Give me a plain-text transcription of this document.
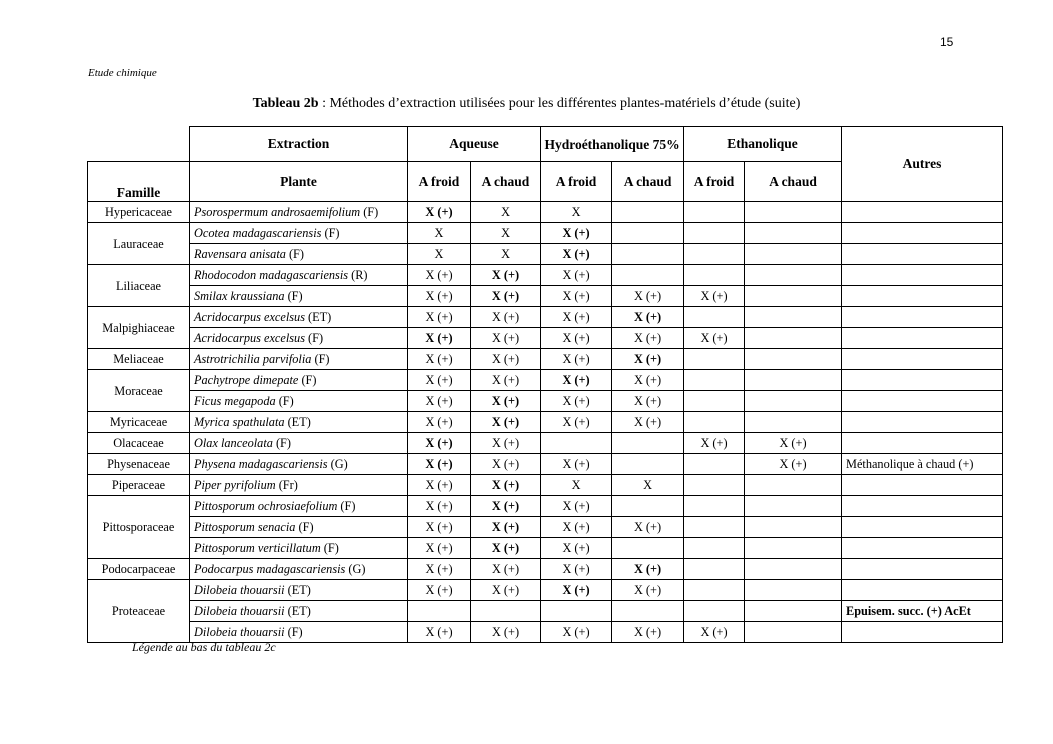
15
Etude chimique
Tableau 2b : Méthodes d’extraction utilisées pour les différentes plantes-matériels d’étude (suite)
	Extraction	Aqueuse		Hydroéthanolique 75%		Ethanolique		Autres
Famille	Plante	A froid	A chaud	A froid	A chaud	A froid	A chaud	
Hypericaceae	Psorospermum androsaemifolium (F)	X (+)	X	X				
Lauraceae	Ocotea madagascariensis (F)	X	X	X (+)				
	Ravensara anisata (F)	X	X	X (+)				
Liliaceae	Rhodocodon madagascariensis (R)	X (+)	X (+)	X (+)				
	Smilax kraussiana (F)	X (+)	X (+)	X (+)	X (+)	X (+)		
Malpighiaceae	Acridocarpus excelsus (ET)	X (+)	X (+)	X (+)	X (+)			
	Acridocarpus excelsus (F)	X (+)	X (+)	X (+)	X (+)	X (+)		
Meliaceae	Astrotrichilia parvifolia (F)	X (+)	X (+)	X (+)	X (+)			
Moraceae	Pachytrope dimepate (F)	X (+)	X (+)	X (+)	X (+)			
	Ficus megapoda (F)	X (+)	X (+)	X (+)	X (+)			
Myricaceae	Myrica spathulata (ET)	X (+)	X (+)	X (+)	X (+)			
Olacaceae	Olax lanceolata (F)	X (+)	X (+)			X (+)	X (+)	
Physenaceae	Physena madagascariensis (G)	X (+)	X (+)	X (+)			X (+)	Méthanolique à chaud (+)
Piperaceae	Piper pyrifolium (Fr)	X (+)	X (+)	X	X			
Pittosporaceae	Pittosporum ochrosiaefolium (F)	X (+)	X (+)	X (+)				
	Pittosporum senacia (F)	X (+)	X (+)	X (+)	X (+)			
	Pittosporum verticillatum (F)	X (+)	X (+)	X (+)				
Podocarpaceae	Podocarpus madagascariensis (G)	X (+)	X (+)	X (+)	X (+)			
Proteaceae	Dilobeia thouarsii (ET)	X (+)	X (+)	X (+)	X (+)			
	Dilobeia thouarsii (ET)							Epuisem. succ. (+) AcEt
	Dilobeia thouarsii (F)	X (+)	X (+)	X (+)	X (+)	X (+)		
Légende au bas du tableau 2c
